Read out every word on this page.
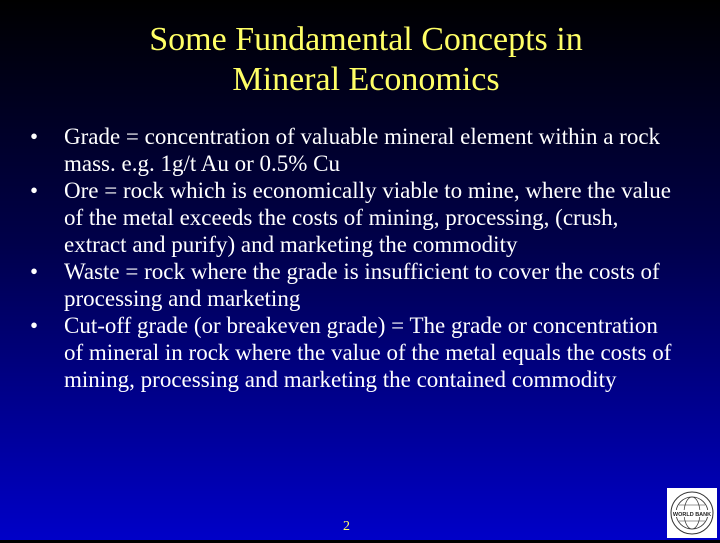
Some Fundamental Concepts in
Mineral Economics
•	Grade = concentration of valuable mineral element within a rock mass. e.g. 1g/t Au or 0.5% Cu
•	Ore = rock which is economically viable to mine, where the value of the metal exceeds the costs of mining, processing, (crush, extract and purify) and marketing the commodity
•	Waste = rock where the grade is insufficient to cover the costs of processing and marketing
•	Cut-off grade (or breakeven grade) = The grade or concentration of mineral in rock where the value of the metal equals the costs of mining, processing and marketing the contained commodity
2
WORLD BANK
